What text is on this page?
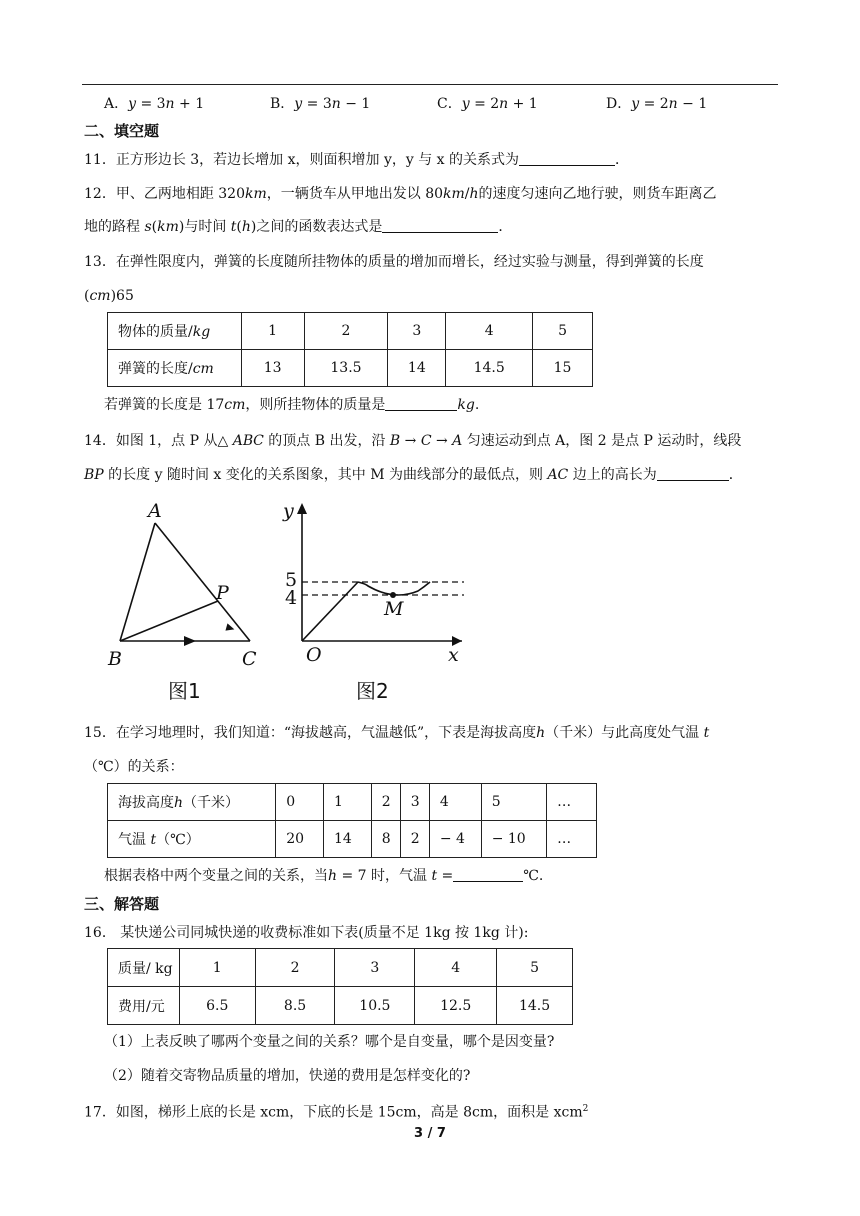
A．𝑦 = 3𝑛 + 1	B．𝑦 = 3𝑛 − 1	C．𝑦 = 2𝑛 + 1	D．𝑦 = 2𝑛 − 1
二、填空题
11．正方形边长 3，若边长增加 x，则面积增加 y，y 与 x 的关系式为	．
12．甲、乙两地相距 320𝑘𝑚，一辆货车从甲地出发以 80𝑘𝑚/ℎ的速度匀速向乙地行驶，则货车距离乙
地的路程 𝑠(𝑘𝑚)与时间 𝑡(ℎ)之间的函数表达式是	．
13．在弹性限度内，弹簧的长度随所挂物体的质量的增加而增长，经过实验与测量，得到弹簧的长度
(𝑐𝑚)65
物体的质量/𝑘𝑔	1	2	3	4	5
弹簧的长度/𝑐𝑚	13	13.5	14	14.5	15
若弹簧的长度是 17𝑐𝑚，则所挂物体的质量是	𝑘𝑔.
14．如图 1，点 P 从△ 𝐴𝐵𝐶 的顶点 B 出发，沿 𝐵 → 𝐶 → 𝐴 匀速运动到点 A，图 2 是点 P 运动时，线段
𝐵𝑃 的长度 y 随时间 x 变化的关系图象，其中 M 为曲线部分的最低点，则 𝐴𝐶 边上的高长为	．
A
B	C
P
图1
y
x
O
5
4	M
图2
15．在学习地理时，我们知道：“海拔越高，气温越低”，下表是海拔高度ℎ（千米）与此高度处气温 𝑡
（℃）的关系：
海拔高度ℎ（千米）	0	1	2	3	4	5	…
气温 𝑡（℃）	20	14	8	2	− 4	− 10	…
根据表格中两个变量之间的关系，当ℎ = 7 时，气温 𝑡 =	℃.
三、解答题
16． 某快递公司同城快递的收费标准如下表(质量不足 1kg 按 1kg 计):
质量/ kg	1	2	3	4	5
费用/元	6.5	8.5	10.5	12.5	14.5
（1）上表反映了哪两个变量之间的关系？哪个是自变量，哪个是因变量?
（2）随着交寄物品质量的增加，快递的费用是怎样变化的?
17．如图，梯形上底的长是 xcm，下底的长是 15cm，高是 8cm，面积是 xcm$^2$
3 / 7
